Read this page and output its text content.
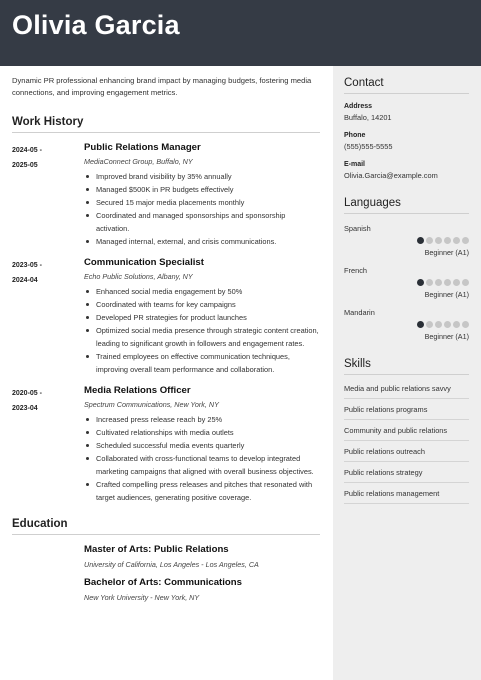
Olivia Garcia
Contact
Address
Buffalo, 14201
Phone
(555)555-5555
E-mail
Olivia.Garcia@example.com
Languages
Spanish
Beginner (A1)
French
Beginner (A1)
Mandarin
Beginner (A1)
Skills
Media and public relations savvy
Public relations programs
Community and public relations
Public relations outreach
Public relations strategy
Public relations management
Dynamic PR professional enhancing brand impact by managing budgets, fostering media connections, and improving engagement metrics.
Work History
2024-05 -
2025-05
Public Relations Manager
MediaConnect Group, Buffalo, NY
Improved brand visibility by 35% annually
Managed $500K in PR budgets effectively
Secured 15 major media placements monthly
Coordinated and managed sponsorships and sponsorship activation.
Managed internal, external, and crisis communications.
2023-05 -
2024-04
Communication Specialist
Echo Public Solutions, Albany, NY
Enhanced social media engagement by 50%
Coordinated with teams for key campaigns
Developed PR strategies for product launches
Optimized social media presence through strategic content creation, leading to significant growth in followers and engagement rates.
Trained employees on effective communication techniques, improving overall team performance and collaboration.
2020-05 -
2023-04
Media Relations Officer
Spectrum Communications, New York, NY
Increased press release reach by 25%
Cultivated relationships with media outlets
Scheduled successful media events quarterly
Collaborated with cross-functional teams to develop integrated marketing campaigns that aligned with overall business objectives.
Crafted compelling press releases and pitches that resonated with target audiences, generating positive coverage.
Education
Master of Arts: Public Relations
University of California, Los Angeles - Los Angeles, CA
Bachelor of Arts: Communications
New York University - New York, NY
